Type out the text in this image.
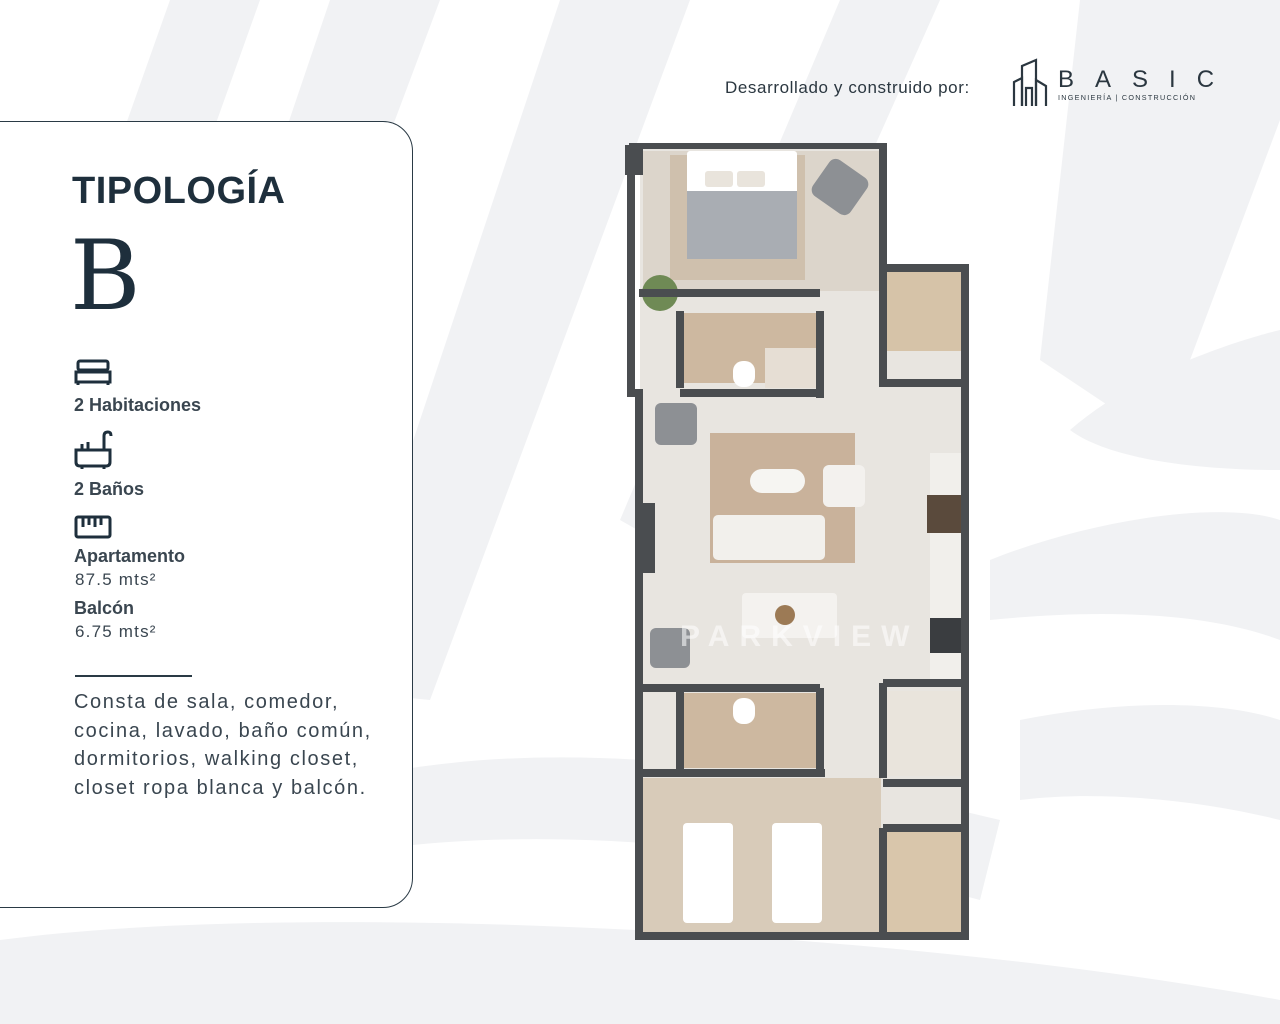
Desarrollado y construido por:	BASIC
INGENIERÍA | CONSTRUCCIÓN
TIPOLOGÍA
B
2 Habitaciones
2 Baños
Apartamento
87.5 mts²
Balcón
6.75 mts²
Consta de sala, comedor, cocina, lavado, baño común, dormitorios, walking closet, closet ropa blanca y balcón.
PARKVIEW
